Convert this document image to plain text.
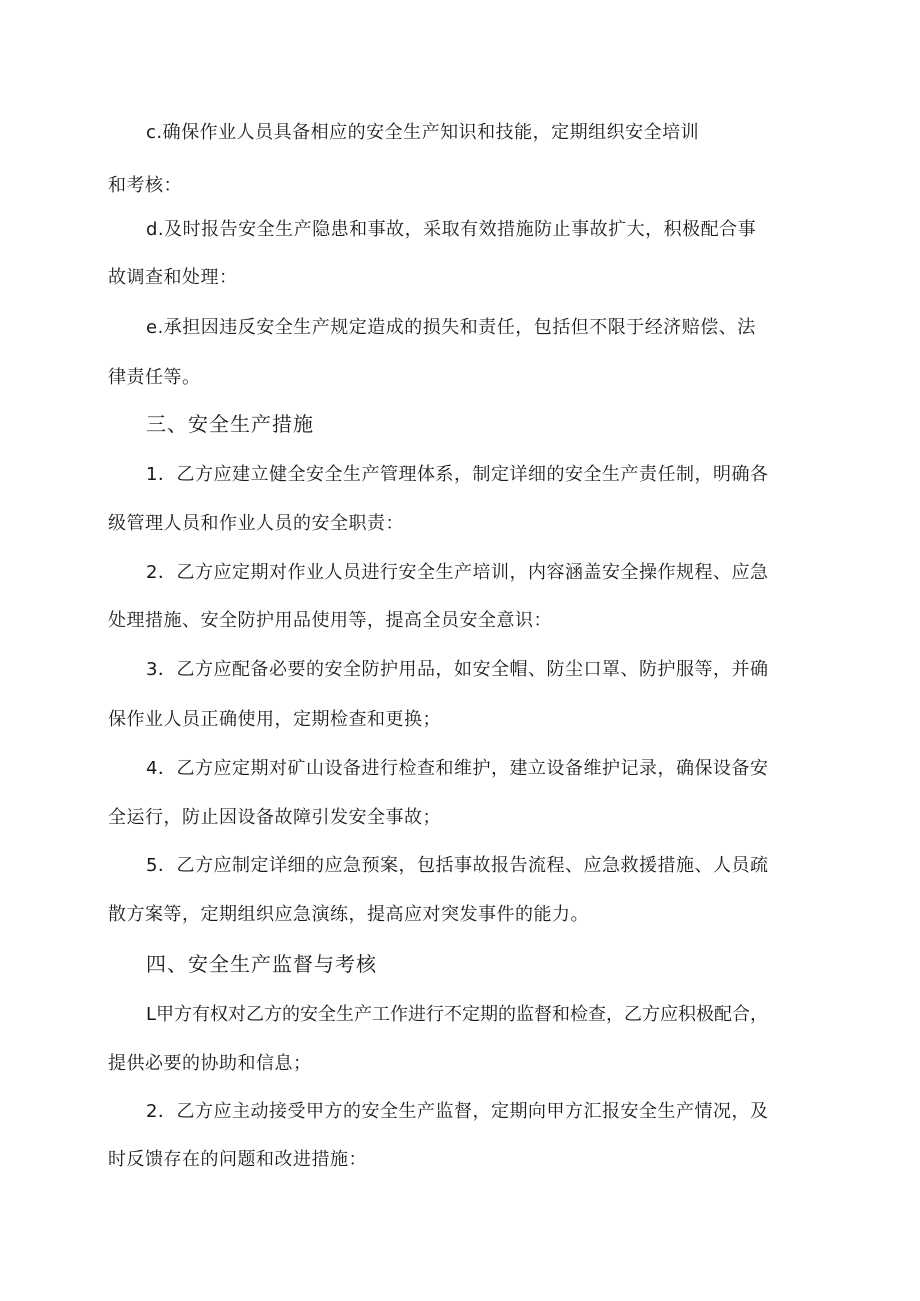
c.确保作业人员具备相应的安全生产知识和技能，定期组织安全培训
和考核：
d.及时报告安全生产隐患和事故，采取有效措施防止事故扩大，积极配合事
故调查和处理：
e.承担因违反安全生产规定造成的损失和责任，包括但不限于经济赔偿、法
律责任等。
三、安全生产措施
1．乙方应建立健全安全生产管理体系，制定详细的安全生产责任制，明确各
级管理人员和作业人员的安全职责：
2．乙方应定期对作业人员进行安全生产培训，内容涵盖安全操作规程、应急
处理措施、安全防护用品使用等，提高全员安全意识：
3．乙方应配备必要的安全防护用品，如安全帽、防尘口罩、防护服等，并确
保作业人员正确使用，定期检查和更换；
4．乙方应定期对矿山设备进行检查和维护，建立设备维护记录，确保设备安
全运行，防止因设备故障引发安全事故；
5．乙方应制定详细的应急预案，包括事故报告流程、应急救援措施、人员疏
散方案等，定期组织应急演练，提高应对突发事件的能力。
四、安全生产监督与考核
L甲方有权对乙方的安全生产工作进行不定期的监督和检查，乙方应积极配合，
提供必要的协助和信息；
2．乙方应主动接受甲方的安全生产监督，定期向甲方汇报安全生产情况，及
时反馈存在的问题和改进措施：
